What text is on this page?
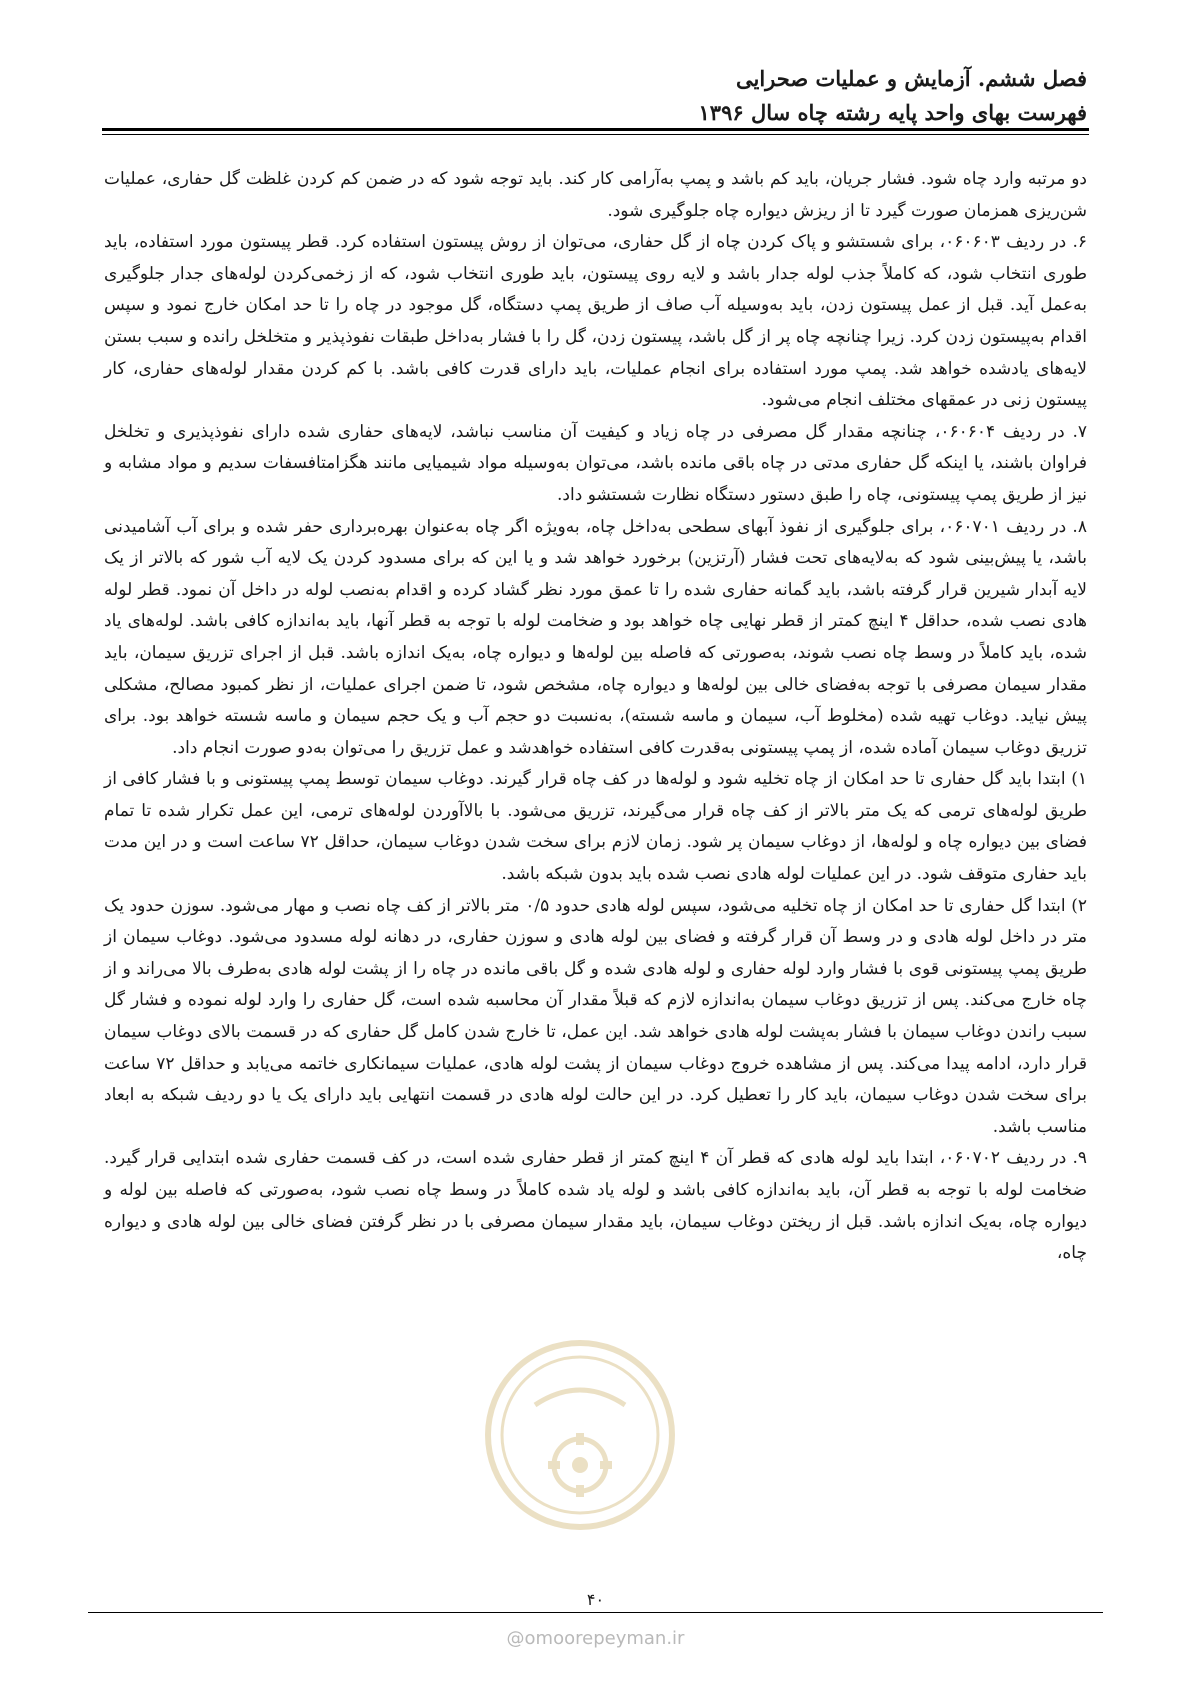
فصل ششم. آزمایش و عملیات صحرایی
فهرست بهای واحد پایه رشته چاه سال ۱۳۹۶

دو مرتبه وارد چاه شود. فشار جریان، باید کم باشد و پمپ به‌آرامی کار کند. باید توجه شود که در ضمن کم کردن غلظت گل حفاری، عملیات شن‌ریزی همزمان صورت گیرد تا از ریزش دیواره چاه جلوگیری شود.

۶. در ردیف ۰۶۰۶۰۳، برای شستشو و پاک کردن چاه از گل حفاری، می‌توان از روش پیستون استفاده کرد. قطر پیستون مورد استفاده، باید طوری انتخاب شود، که کاملاً جذب لوله جدار باشد و لایه روی پیستون، باید طوری انتخاب شود، که از زخمی‌کردن لوله‌های جدار جلوگیری به‌عمل آید. قبل از عمل پیستون زدن، باید به‌وسیله آب صاف از طریق پمپ دستگاه، گل موجود در چاه را تا حد امکان خارج نمود و سپس اقدام به‌پیستون زدن کرد. زیرا چنانچه چاه پر از گل باشد، پیستون زدن، گل را با فشار به‌داخل طبقات نفوذپذیر و متخلخل رانده و سبب بستن لایه‌های یادشده خواهد شد. پمپ مورد استفاده برای انجام عملیات، باید دارای قدرت کافی باشد. با کم کردن مقدار لوله‌های حفاری، کار پیستون زنی در عمقهای مختلف انجام می‌شود.

۷. در ردیف ۰۶۰۶۰۴، چنانچه مقدار گل مصرفی در چاه زیاد و کیفیت آن مناسب نباشد، لایه‌های حفاری شده دارای نفوذپذیری و تخلخل فراوان باشند، یا اینکه گل حفاری مدتی در چاه باقی مانده باشد، می‌توان به‌وسیله مواد شیمیایی مانند هگزامتافسفات سدیم و مواد مشابه و نیز از طریق پمپ پیستونی، چاه را طبق دستور دستگاه نظارت شستشو داد.

۸. در ردیف ۰۶۰۷۰۱، برای جلوگیری از نفوذ آبهای سطحی به‌داخل چاه، به‌ویژه اگر چاه به‌عنوان بهره‌برداری حفر شده و برای آب آشامیدنی باشد، یا پیش‌بینی شود که به‌لایه‌های تحت فشار (آرتزین) برخورد خواهد شد و یا این که برای مسدود کردن یک لایه آب شور که بالاتر از یک لایه آبدار شیرین قرار گرفته باشد، باید گمانه حفاری شده را تا عمق مورد نظر گشاد کرده و اقدام به‌نصب لوله در داخل آن نمود. قطر لوله هادی نصب شده، حداقل ۴ اینچ کمتر از قطر نهایی چاه خواهد بود و ضخامت لوله با توجه به قطر آنها، باید به‌اندازه کافی باشد. لوله‌های یاد شده، باید کاملاً در وسط چاه نصب شوند، به‌صورتی که فاصله بین لوله‌ها و دیواره چاه، به‌یک اندازه باشد. قبل از اجرای تزریق سیمان، باید مقدار سیمان مصرفی با توجه به‌فضای خالی بین لوله‌ها و دیواره چاه، مشخص شود، تا ضمن اجرای عملیات، از نظر کمبود مصالح، مشکلی پیش نیاید. دوغاب تهیه شده (مخلوط آب، سیمان و ماسه شسته)، به‌نسبت دو حجم آب و یک حجم سیمان و ماسه شسته خواهد بود. برای تزریق دوغاب سیمان آماده شده، از پمپ پیستونی به‌قدرت کافی استفاده خواهدشد و عمل تزریق را می‌توان به‌دو صورت انجام داد.

۱) ابتدا باید گل حفاری تا حد امکان از چاه تخلیه شود و لوله‌ها در کف چاه قرار گیرند. دوغاب سیمان توسط پمپ پیستونی و با فشار کافی از طریق لوله‌های ترمی که یک متر بالاتر از کف چاه قرار می‌گیرند، تزریق می‌شود. با بالاآوردن لوله‌های ترمی، این عمل تکرار شده تا تمام فضای بین دیواره چاه و لوله‌ها، از دوغاب سیمان پر شود. زمان لازم برای سخت شدن دوغاب سیمان، حداقل ۷۲ ساعت است و در این مدت باید حفاری متوقف شود. در این عملیات لوله هادی نصب شده باید بدون شبکه باشد.

۲) ابتدا گل حفاری تا حد امکان از چاه تخلیه می‌شود، سپس لوله هادی حدود ۰/۵ متر بالاتر از کف چاه نصب و مهار می‌شود. سوزن حدود یک متر در داخل لوله هادی و در وسط آن قرار گرفته و فضای بین لوله هادی و سوزن حفاری، در دهانه لوله مسدود می‌شود. دوغاب سیمان از طریق پمپ پیستونی قوی با فشار وارد لوله حفاری و لوله هادی شده و گل باقی مانده در چاه را از پشت لوله هادی به‌طرف بالا می‌راند و از چاه خارج می‌کند. پس از تزریق دوغاب سیمان به‌اندازه لازم که قبلاً مقدار آن محاسبه شده است، گل حفاری را وارد لوله نموده و فشار گل سبب راندن دوغاب سیمان با فشار به‌پشت لوله هادی خواهد شد. این عمل، تا خارج شدن کامل گل حفاری که در قسمت بالای دوغاب سیمان قرار دارد، ادامه پیدا می‌کند. پس از مشاهده خروج دوغاب سیمان از پشت لوله هادی، عملیات سیمانکاری خاتمه می‌یابد و حداقل ۷۲ ساعت برای سخت شدن دوغاب سیمان، باید کار را تعطیل کرد. در این حالت لوله هادی در قسمت انتهایی باید دارای یک یا دو ردیف شبکه به ابعاد مناسب باشد.

۹. در ردیف ۰۶۰۷۰۲، ابتدا باید لوله هادی که قطر آن ۴ اینچ کمتر از قطر حفاری شده است، در کف قسمت حفاری شده ابتدایی قرار گیرد. ضخامت لوله با توجه به قطر آن، باید به‌اندازه کافی باشد و لوله یاد شده کاملاً در وسط چاه نصب شود، به‌صورتی که فاصله بین لوله و دیواره چاه، به‌یک اندازه باشد. قبل از ریختن دوغاب سیمان، باید مقدار سیمان مصرفی با در نظر گرفتن فضای خالی بین لوله هادی و دیواره چاه،

۴۰
@omoorepeyman.ir
